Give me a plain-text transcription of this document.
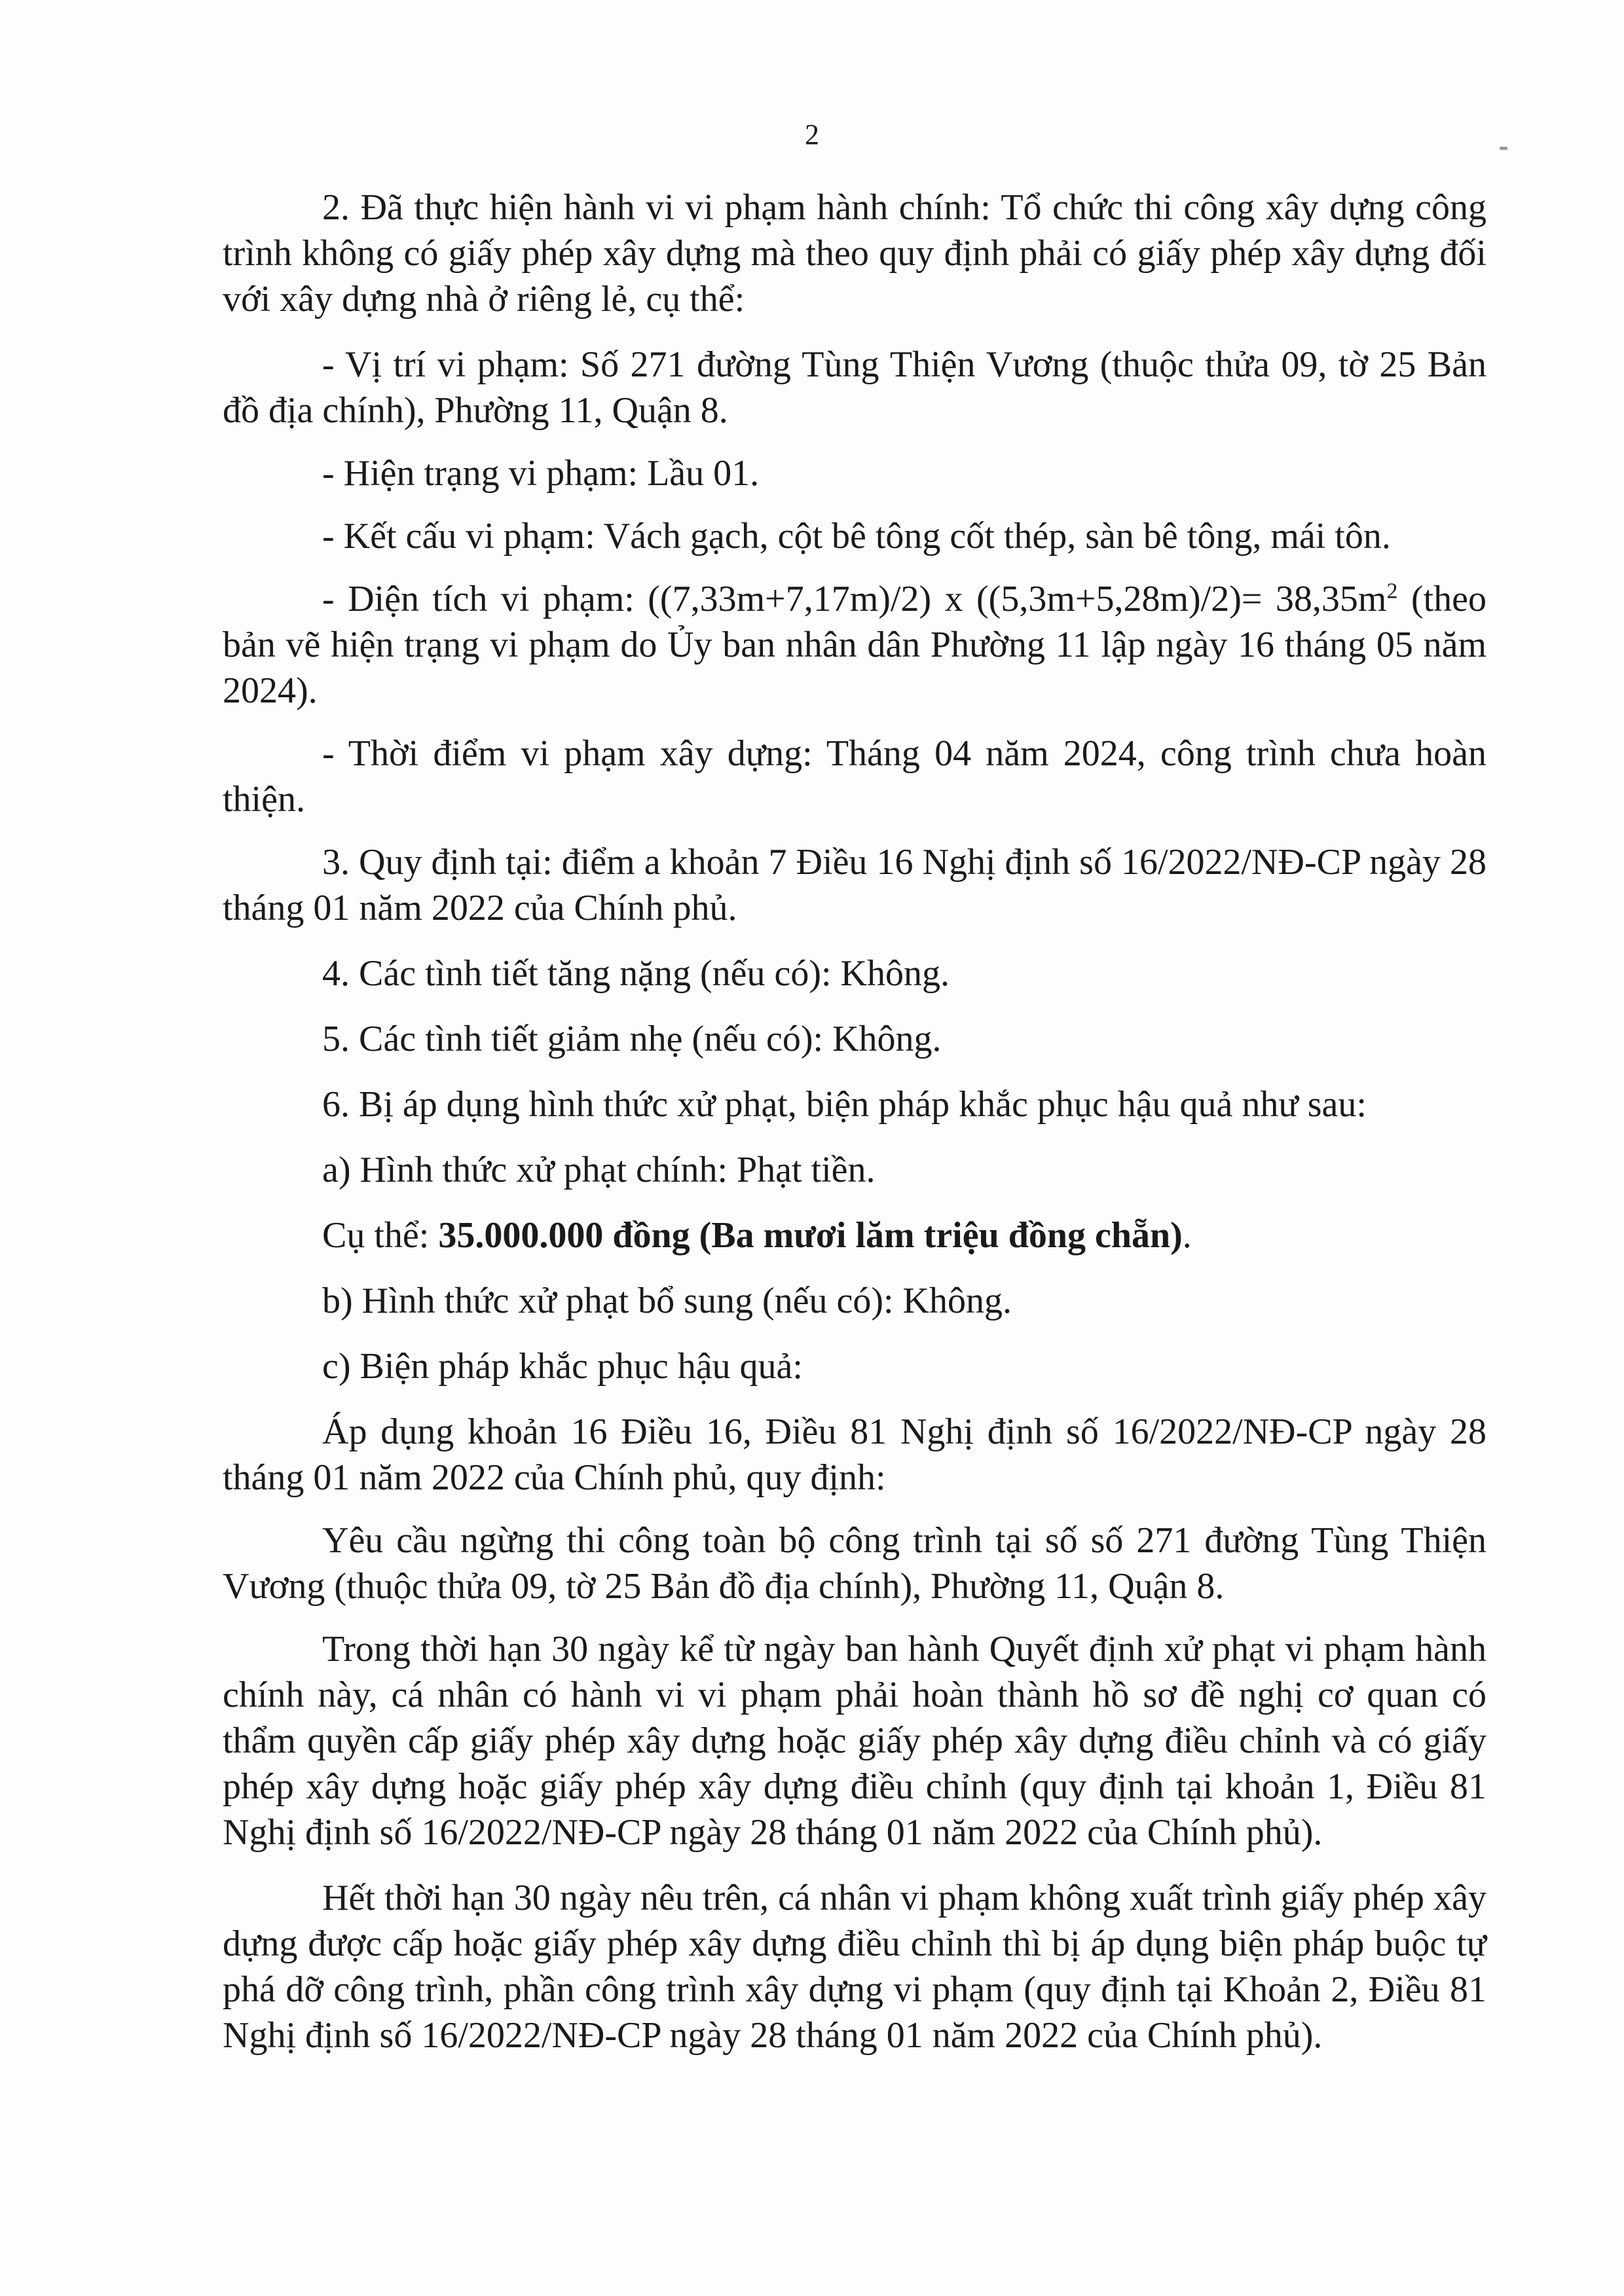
2

2. Đã thực hiện hành vi vi phạm hành chính: Tổ chức thi công xây dựng công trình không có giấy phép xây dựng mà theo quy định phải có giấy phép xây dựng đối với xây dựng nhà ở riêng lẻ, cụ thể:

- Vị trí vi phạm: Số 271 đường Tùng Thiện Vương (thuộc thửa 09, tờ 25 Bản đồ địa chính), Phường 11, Quận 8.

- Hiện trạng vi phạm: Lầu 01.

- Kết cấu vi phạm: Vách gạch, cột bê tông cốt thép, sàn bê tông, mái tôn.

- Diện tích vi phạm: ((7,33m+7,17m)/2) x $((5,3m+5,28m)/2)= 38,35m^2$ (theo bản vẽ hiện trạng vi phạm do Ủy ban nhân dân Phường 11 lập ngày 16 tháng 05 năm 2024).

- Thời điểm vi phạm xây dựng: Tháng 04 năm 2024, công trình chưa hoàn thiện.

3. Quy định tại: điểm a khoản 7 Điều 16 Nghị định số 16/2022/NĐ-CP ngày 28 tháng 01 năm 2022 của Chính phủ.

4. Các tình tiết tăng nặng (nếu có): Không.

5. Các tình tiết giảm nhẹ (nếu có): Không.

6. Bị áp dụng hình thức xử phạt, biện pháp khắc phục hậu quả như sau:

a) Hình thức xử phạt chính: Phạt tiền.

Cụ thể: 35.000.000 đồng (Ba mươi lăm triệu đồng chẵn).

b) Hình thức xử phạt bổ sung (nếu có): Không.

c) Biện pháp khắc phục hậu quả:

Áp dụng khoản 16 Điều 16, Điều 81 Nghị định số 16/2022/NĐ-CP ngày 28 tháng 01 năm 2022 của Chính phủ, quy định:

Yêu cầu ngừng thi công toàn bộ công trình tại số số 271 đường Tùng Thiện Vương (thuộc thửa 09, tờ 25 Bản đồ địa chính), Phường 11, Quận 8.

Trong thời hạn 30 ngày kể từ ngày ban hành Quyết định xử phạt vi phạm hành chính này, cá nhân có hành vi vi phạm phải hoàn thành hồ sơ đề nghị cơ quan có thẩm quyền cấp giấy phép xây dựng hoặc giấy phép xây dựng điều chỉnh và có giấy phép xây dựng hoặc giấy phép xây dựng điều chỉnh (quy định tại khoản 1, Điều 81 Nghị định số 16/2022/NĐ-CP ngày 28 tháng 01 năm 2022 của Chính phủ).

Hết thời hạn 30 ngày nêu trên, cá nhân vi phạm không xuất trình giấy phép xây dựng được cấp hoặc giấy phép xây dựng điều chỉnh thì bị áp dụng biện pháp buộc tự phá dỡ công trình, phần công trình xây dựng vi phạm (quy định tại Khoản 2, Điều 81 Nghị định số 16/2022/NĐ-CP ngày 28 tháng 01 năm 2022 của Chính phủ).
